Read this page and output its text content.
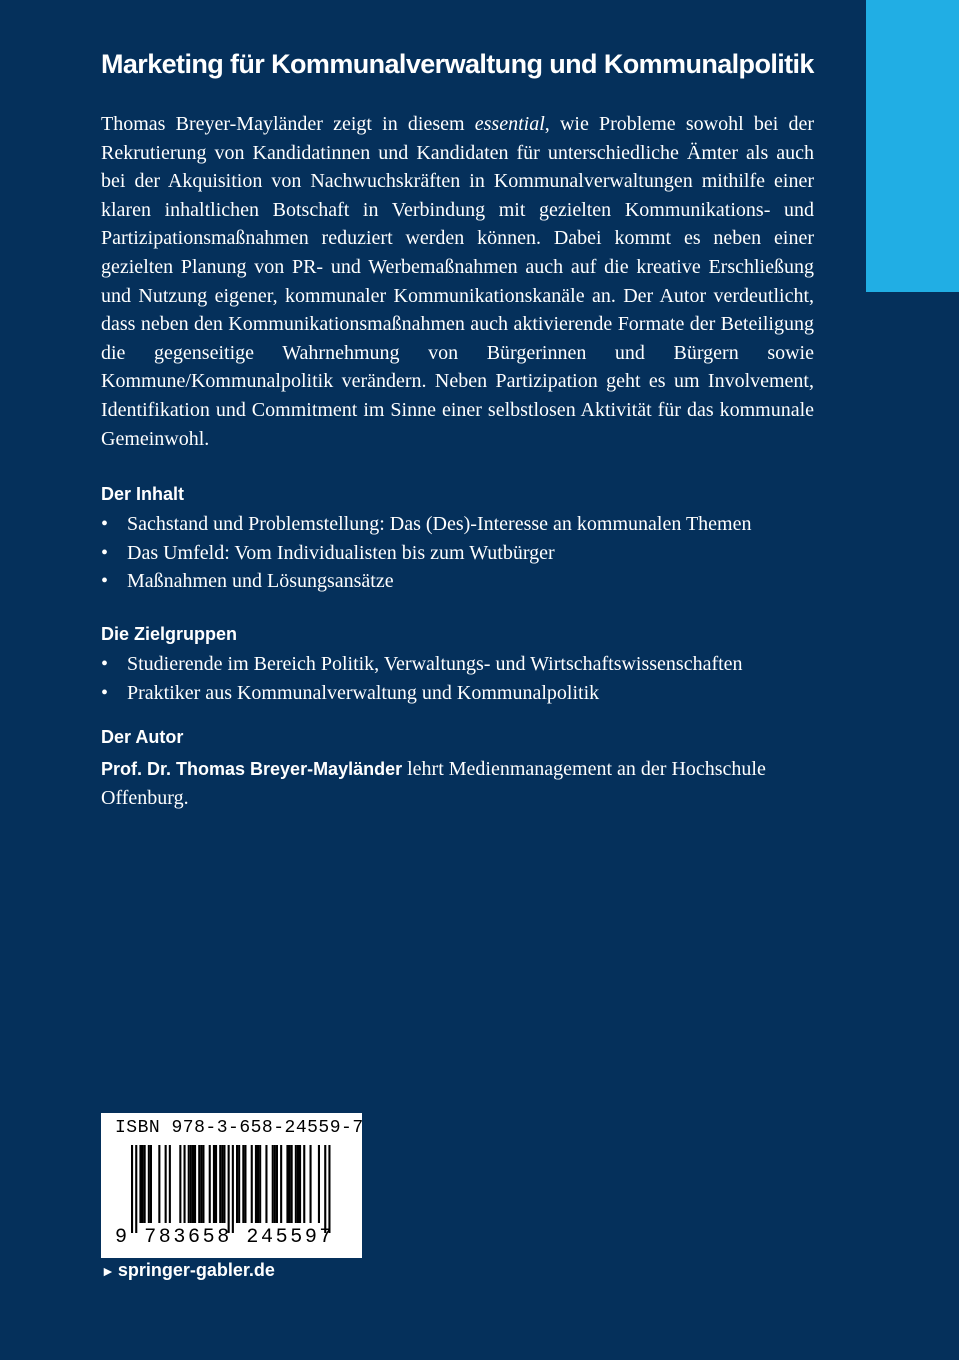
Marketing für Kommunalverwaltung und Kommunalpolitik

Thomas Breyer-Mayländer zeigt in diesem essential, wie Probleme sowohl bei der Rekrutierung von Kandidatinnen und Kandidaten für unterschiedliche Ämter als auch bei der Akquisition von Nachwuchskräften in Kommunalverwaltungen mithilfe einer klaren inhaltlichen Botschaft in Verbindung mit gezielten Kommunikations- und Partizipationsmaßnahmen reduziert werden können. Dabei kommt es neben einer gezielten Planung von PR- und Werbemaßnahmen auch auf die kreative Erschließung und Nutzung eigener, kommunaler Kommunikationskanäle an. Der Autor verdeutlicht, dass neben den Kommunikationsmaßnahmen auch aktivierende Formate der Beteiligung die gegenseitige Wahrnehmung von Bürgerinnen und Bürgern sowie Kommune/Kommunalpolitik verändern. Neben Partizipation geht es um Involvement, Identifikation und Commitment im Sinne einer selbstlosen Aktivität für das kommunale Gemeinwohl.

Der Inhalt
• Sachstand und Problemstellung: Das (Des)-Interesse an kommunalen Themen
• Das Umfeld: Vom Individualisten bis zum Wutbürger
• Maßnahmen und Lösungsansätze
Die Zielgruppen
• Studierende im Bereich Politik, Verwaltungs- und Wirtschaftswissenschaften
• Praktiker aus Kommunalverwaltung und Kommunalpolitik
Der Autor

Prof. Dr. Thomas Breyer-Mayländer lehrt Medienmanagement an der Hochschule Offenburg.

ISBN 978-3-658-24559-7
9 783658 245597
► springer-gabler.de
